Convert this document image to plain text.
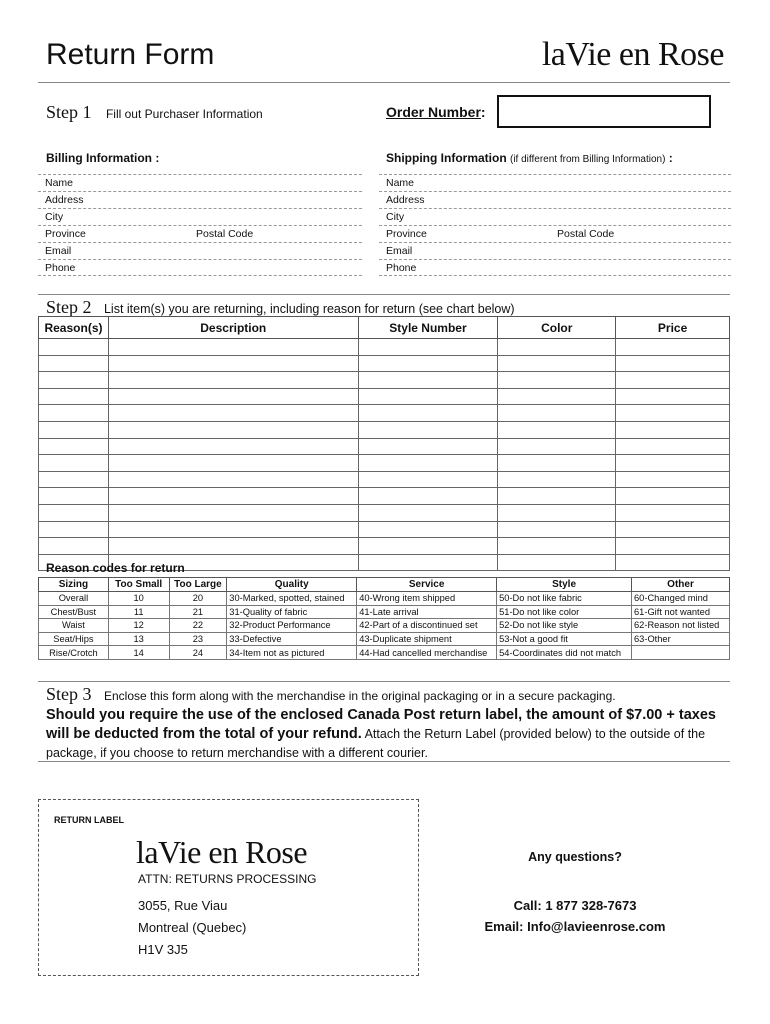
Return Form	laVie en Rose
Step 1 Fill out Purchaser Information	Order Number:
Billing Information :
Name
Address
City
Province	Postal Code
Email
Phone
Shipping Information (if different from Billing Information) :
Name
Address
City
Province	Postal Code
Email
Phone
Step 2 List item(s) you are returning, including reason for return (see chart below)
Reason(s)	Description	Style Number	Color	Price

Reason codes for return
Sizing	Too Small	Too Large	Quality	Service	Style	Other
Overall	10	20	30-Marked, spotted, stained	40-Wrong item shipped	50-Do not like fabric	60-Changed mind
Chest/Bust	11	21	31-Quality of fabric	41-Late arrival	51-Do not like color	61-Gift not wanted
Waist	12	22	32-Product Performance	42-Part of a discontinued set	52-Do not like style	62-Reason not listed
Seat/Hips	13	23	33-Defective	43-Duplicate shipment	53-Not a good fit	63-Other
Rise/Crotch	14	24	34-Item not as pictured	44-Had cancelled merchandise	54-Coordinates did not match	
Step 3 Enclose this form along with the merchandise in the original packaging or in a secure packaging.
Should you require the use of the enclosed Canada Post return label, the amount of $7.00 + taxes will be deducted from the total of your refund. Attach the Return Label (provided below) to the outside of the package, if you choose to return merchandise with a different courier.
RETURN LABEL
laVie en Rose
ATTN: RETURNS PROCESSING
3055, Rue Viau
Montreal (Quebec)
H1V 3J5
Any questions?
Call: 1 877 328-7673
Email: Info@lavieenrose.com
